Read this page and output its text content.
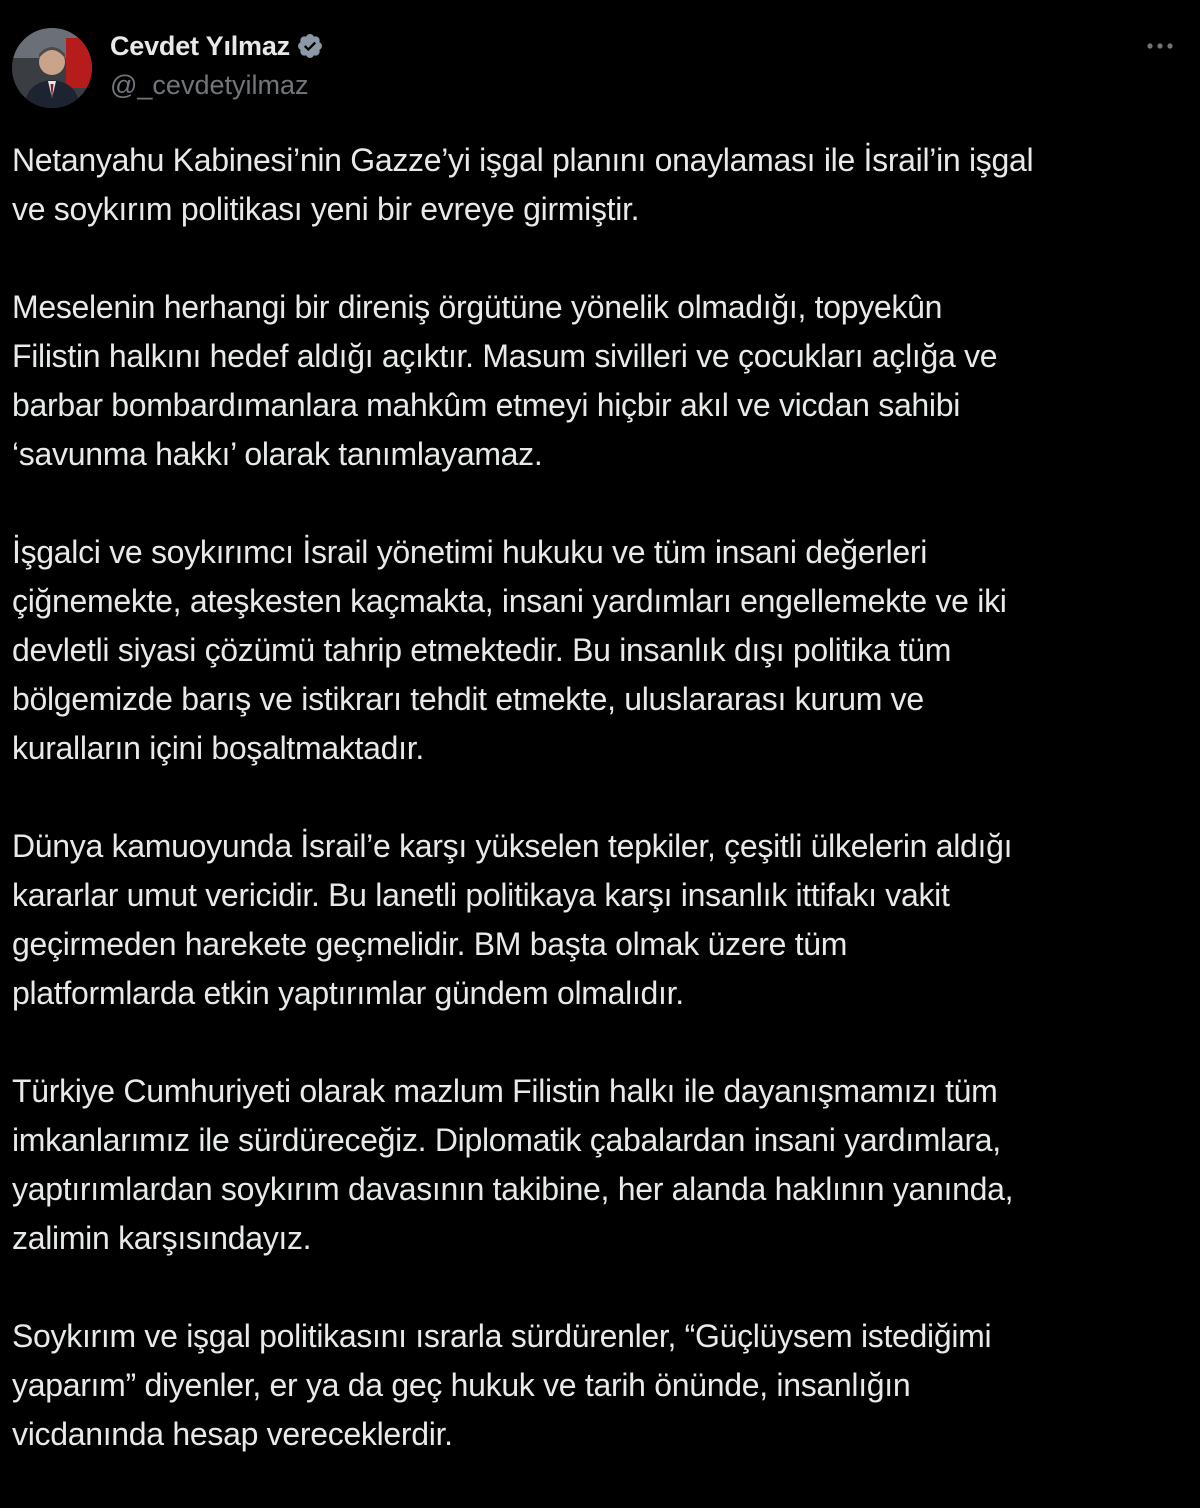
Cevdet Yılmaz
@_cevdetyilmaz

Netanyahu Kabinesi’nin Gazze’yi işgal planını onaylaması ile İsrail’in işgal
ve soykırım politikası yeni bir evreye girmiştir.

Meselenin herhangi bir direniş örgütüne yönelik olmadığı, topyekûn
Filistin halkını hedef aldığı açıktır. Masum sivilleri ve çocukları açlığa ve
barbar bombardımanlara mahkûm etmeyi hiçbir akıl ve vicdan sahibi
‘savunma hakkı’ olarak tanımlayamaz.

İşgalci ve soykırımcı İsrail yönetimi hukuku ve tüm insani değerleri
çiğnemekte, ateşkesten kaçmakta, insani yardımları engellemekte ve iki
devletli siyasi çözümü tahrip etmektedir. Bu insanlık dışı politika tüm
bölgemizde barış ve istikrarı tehdit etmekte, uluslararası kurum ve
kuralların içini boşaltmaktadır.

Dünya kamuoyunda İsrail’e karşı yükselen tepkiler, çeşitli ülkelerin aldığı
kararlar umut vericidir. Bu lanetli politikaya karşı insanlık ittifakı vakit
geçirmeden harekete geçmelidir. BM başta olmak üzere tüm
platformlarda etkin yaptırımlar gündem olmalıdır.

Türkiye Cumhuriyeti olarak mazlum Filistin halkı ile dayanışmamızı tüm
imkanlarımız ile sürdüreceğiz. Diplomatik çabalardan insani yardımlara,
yaptırımlardan soykırım davasının takibine, her alanda haklının yanında,
zalimin karşısındayız.

Soykırım ve işgal politikasını ısrarla sürdürenler, “Güçlüysem istediğimi
yaparım” diyenler, er ya da geç hukuk ve tarih önünde, insanlığın
vicdanında hesap vereceklerdir.
